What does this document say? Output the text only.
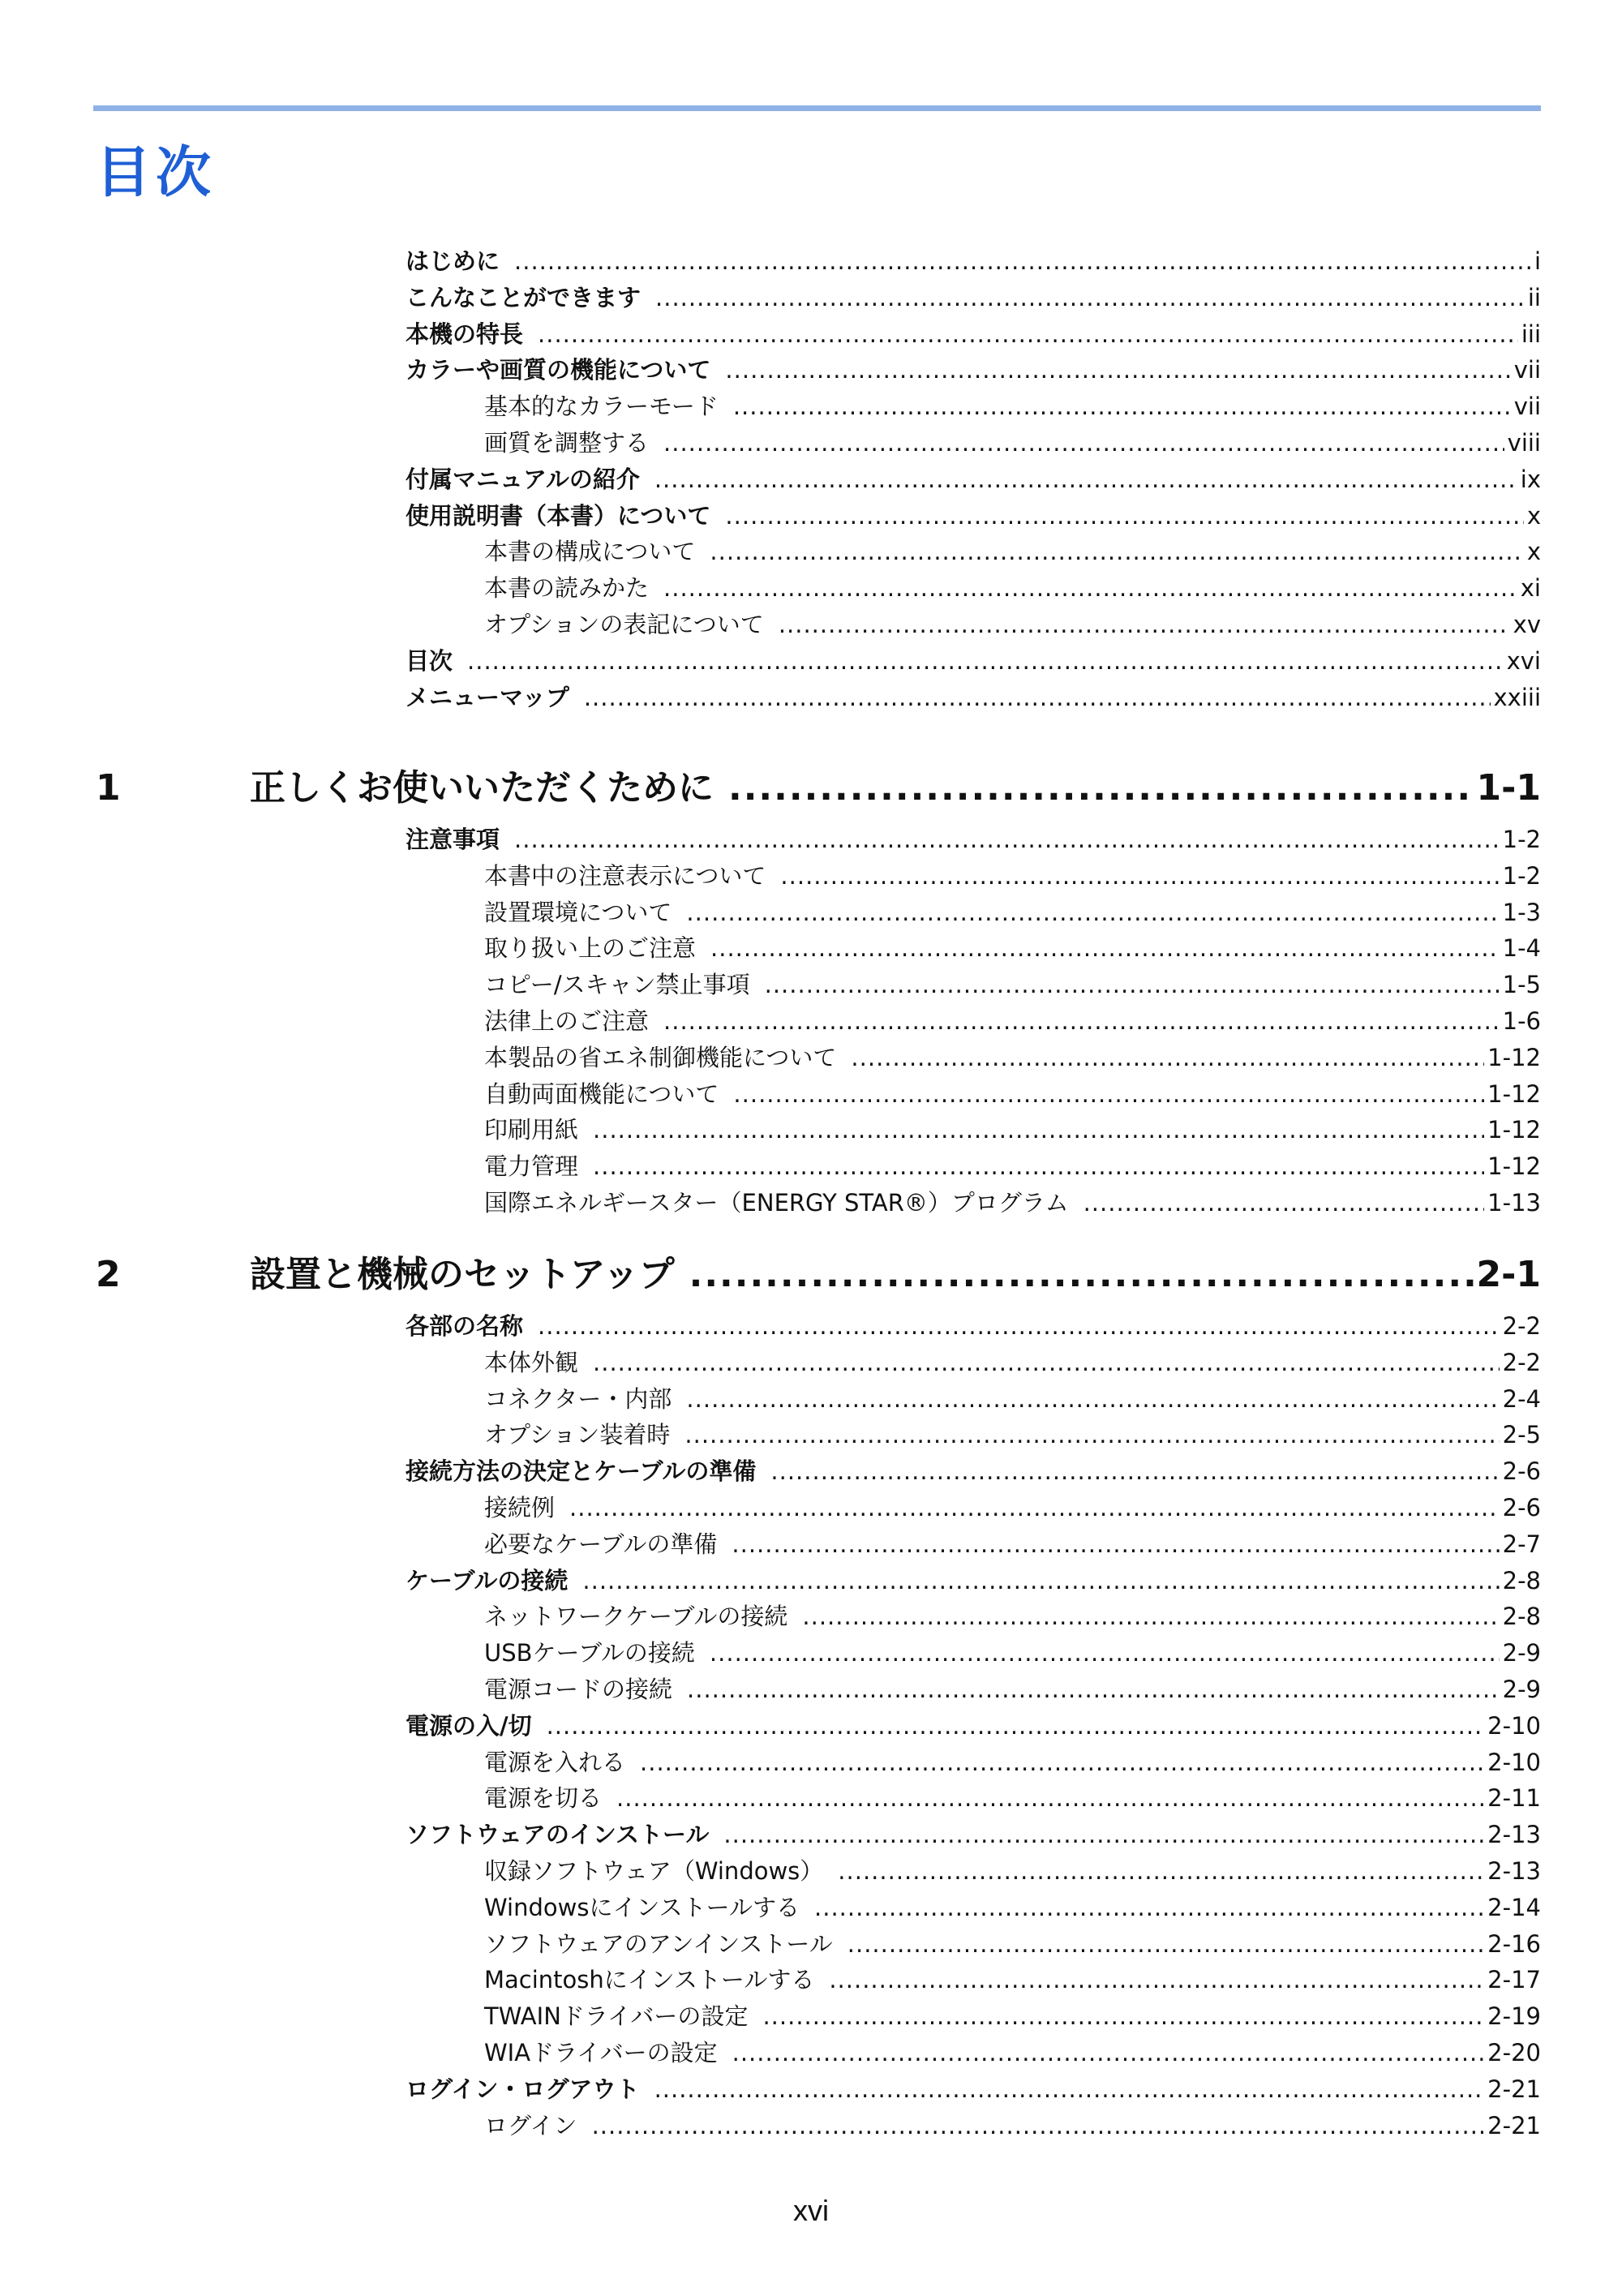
目次
はじめに .....	i
こんなことができます .....	ii
本機の特長 .....	iii
カラーや画質の機能について .....	vii
基本的なカラーモード .....	vii
画質を調整する .....	viii
付属マニュアルの紹介 .....	ix
使用説明書（本書）について .....	x
本書の構成について .....	x
本書の読みかた .....	xi
オプションの表記について .....	xv
目次 .....	xvi
メニューマップ .....	xxiii
1	正しくお使いいただくために .....	1-1
注意事項 .....	1-2
本書中の注意表示について .....	1-2
設置環境について .....	1-3
取り扱い上のご注意 .....	1-4
コピー/スキャン禁止事項 .....	1-5
法律上のご注意 .....	1-6
本製品の省エネ制御機能について .....	1-12
自動両面機能について .....	1-12
印刷用紙 .....	1-12
電力管理 .....	1-12
国際エネルギースター（ENERGY STAR®）プログラム .....	1-13
2	設置と機械のセットアップ .....	2-1
各部の名称 .....	2-2
本体外観 .....	2-2
コネクター・内部 .....	2-4
オプション装着時 .....	2-5
接続方法の決定とケーブルの準備 .....	2-6
接続例 .....	2-6
必要なケーブルの準備 .....	2-7
ケーブルの接続 .....	2-8
ネットワークケーブルの接続 .....	2-8
USBケーブルの接続 .....	2-9
電源コードの接続 .....	2-9
電源の入/切 .....	2-10
電源を入れる .....	2-10
電源を切る .....	2-11
ソフトウェアのインストール .....	2-13
収録ソフトウェア（Windows） .....	2-13
Windowsにインストールする .....	2-14
ソフトウェアのアンインストール .....	2-16
Macintoshにインストールする .....	2-17
TWAINドライバーの設定 .....	2-19
WIAドライバーの設定 .....	2-20
ログイン・ログアウト .....	2-21
ログイン .....	2-21
xvi
